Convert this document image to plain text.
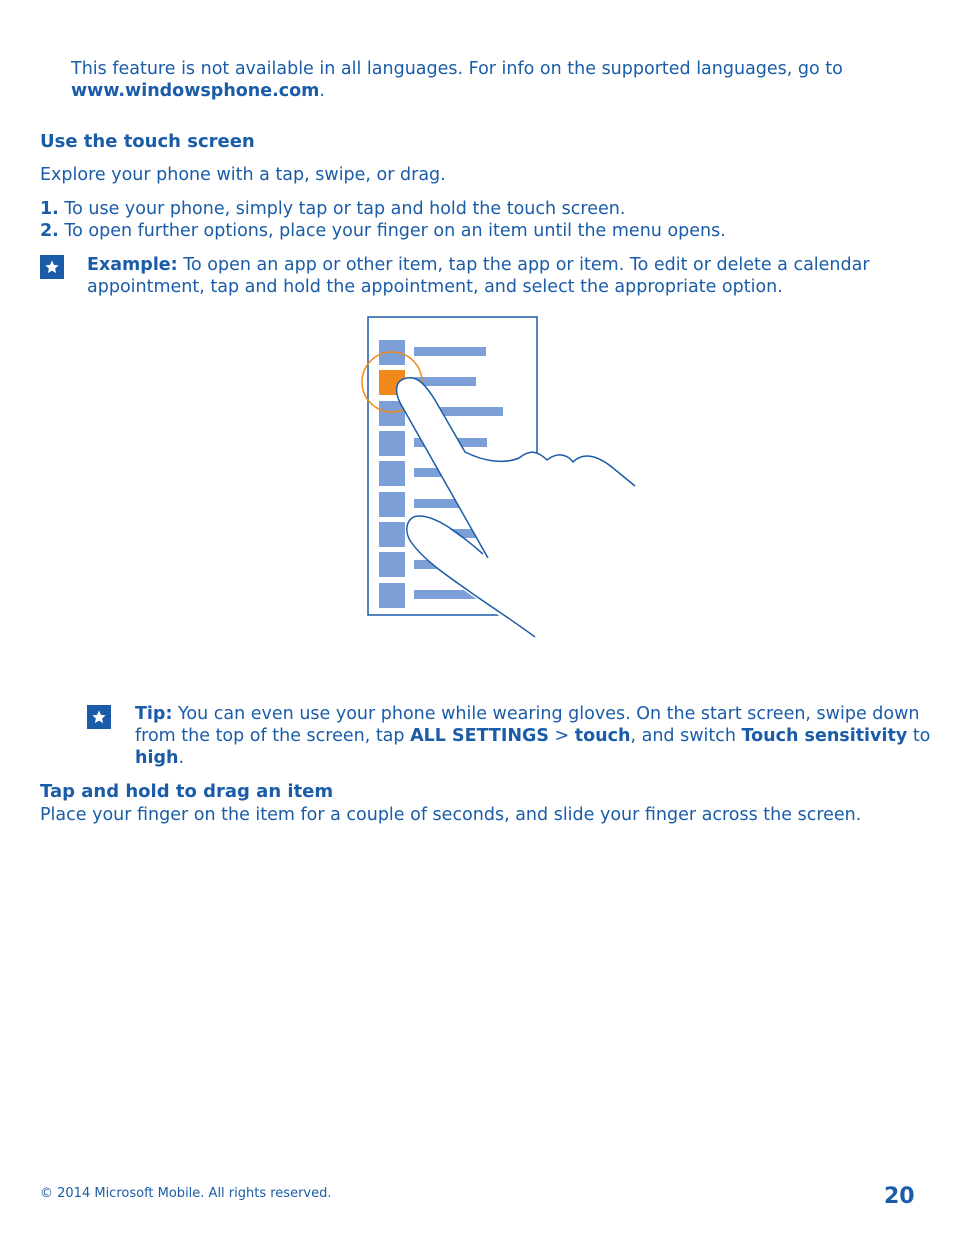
This feature is not available in all languages. For info on the supported languages, go to
www.windowsphone.com.

Use the touch screen

Explore your phone with a tap, swipe, or drag.

1. To use your phone, simply tap or tap and hold the touch screen.

2. To open further options, place your finger on an item until the menu opens.

Example: To open an app or other item, tap the app or item. To edit or delete a calendar
appointment, tap and hold the appointment, and select the appropriate option.

Tip: You can even use your phone while wearing gloves. On the start screen, swipe down
from the top of the screen, tap ALL SETTINGS > touch, and switch Touch sensitivity to
high.

Tap and hold to drag an item

Place your finger on the item for a couple of seconds, and slide your finger across the screen.

© 2014 Microsoft Mobile. All rights reserved.	20
